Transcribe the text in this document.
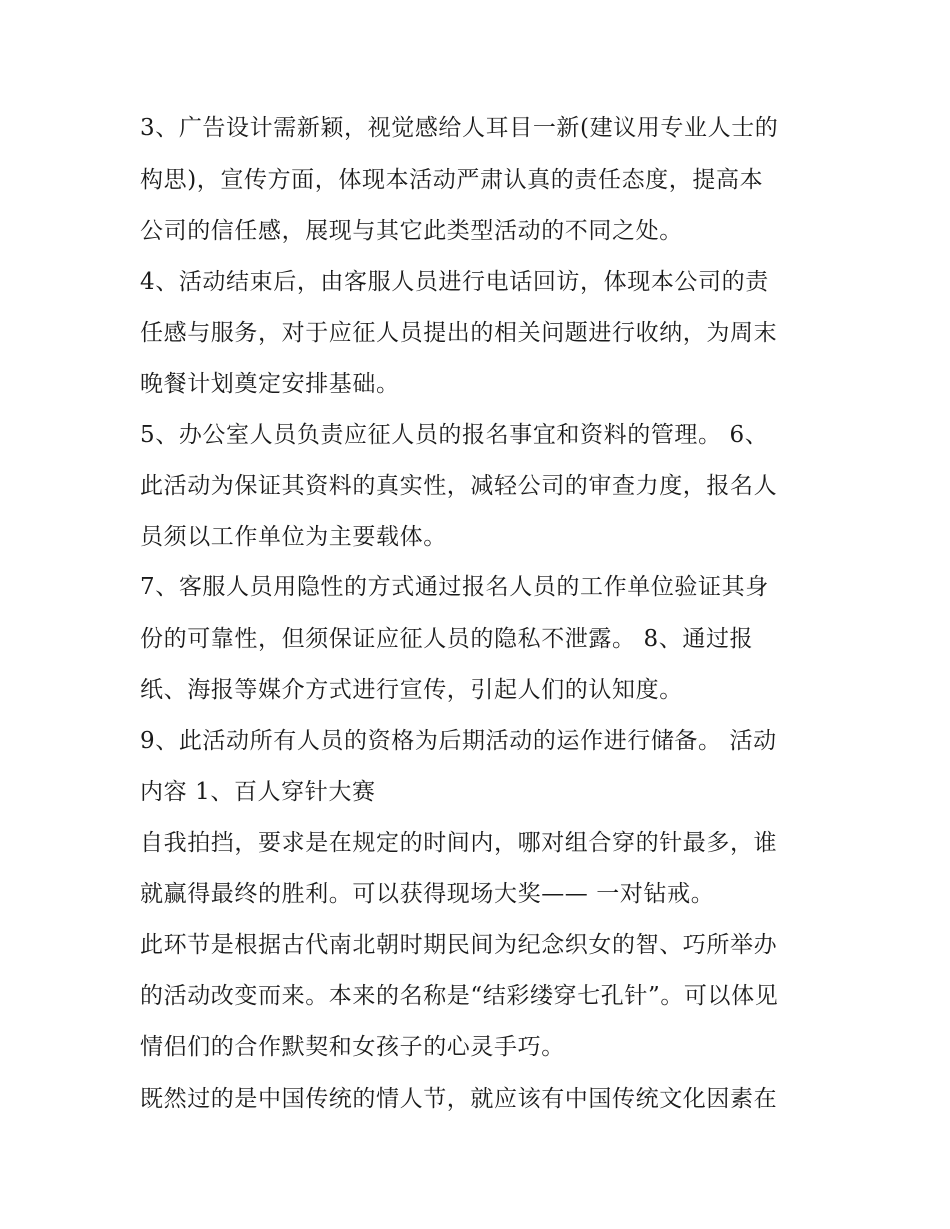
3、广告设计需新颖，视觉感给人耳目一新(建议用专业人士的
构思)，宣传方面，体现本活动严肃认真的责任态度，提高本
公司的信任感，展现与其它此类型活动的不同之处。
4、活动结束后，由客服人员进行电话回访，体现本公司的责
任感与服务，对于应征人员提出的相关问题进行收纳，为周末
晚餐计划奠定安排基础。
5、办公室人员负责应征人员的报名事宜和资料的管理。 6、
此活动为保证其资料的真实性，减轻公司的审查力度，报名人
员须以工作单位为主要载体。
7、客服人员用隐性的方式通过报名人员的工作单位验证其身
份的可靠性，但须保证应征人员的隐私不泄露。 8、通过报
纸、海报等媒介方式进行宣传，引起人们的认知度。
9、此活动所有人员的资格为后期活动的运作进行储备。 活动
内容 1、百人穿针大赛
自我拍挡，要求是在规定的时间内，哪对组合穿的针最多，谁
就赢得最终的胜利。可以获得现场大奖—— 一对钻戒。
此环节是根据古代南北朝时期民间为纪念织女的智、巧所举办
的活动改变而来。本来的名称是“结彩缕穿七孔针”。可以体见
情侣们的合作默契和女孩子的心灵手巧。
既然过的是中国传统的情人节，就应该有中国传统文化因素在
